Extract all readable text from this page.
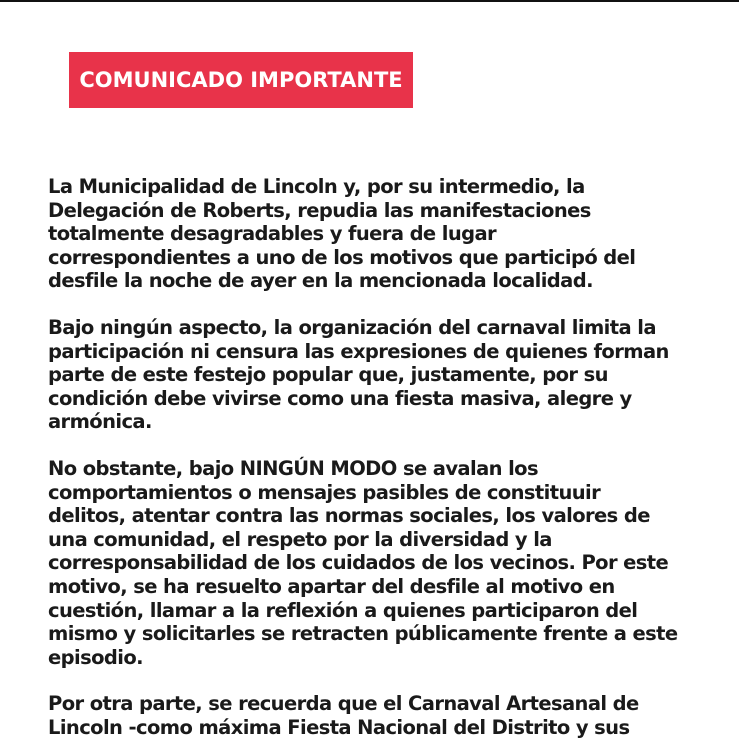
COMUNICADO IMPORTANTE

La Municipalidad de Lincoln y, por su intermedio, la
Delegación de Roberts, repudia las manifestaciones
totalmente desagradables y fuera de lugar
correspondientes a uno de los motivos que participó del
desfile la noche de ayer en la mencionada localidad.

Bajo ningún aspecto, la organización del carnaval limita la
participación ni censura las expresiones de quienes forman
parte de este festejo popular que, justamente, por su
condición debe vivirse como una fiesta masiva, alegre y
armónica.

No obstante, bajo NINGÚN MODO se avalan los
comportamientos o mensajes pasibles de constituuir
delitos, atentar contra las normas sociales, los valores de
una comunidad, el respeto por la diversidad y la
corresponsabilidad de los cuidados de los vecinos. Por este
motivo, se ha resuelto apartar del desfile al motivo en
cuestión, llamar a la reflexión a quienes participaron del
mismo y solicitarles se retracten públicamente frente a este
episodio.

Por otra parte, se recuerda que el Carnaval Artesanal de
Lincoln -como máxima Fiesta Nacional del Distrito y sus
